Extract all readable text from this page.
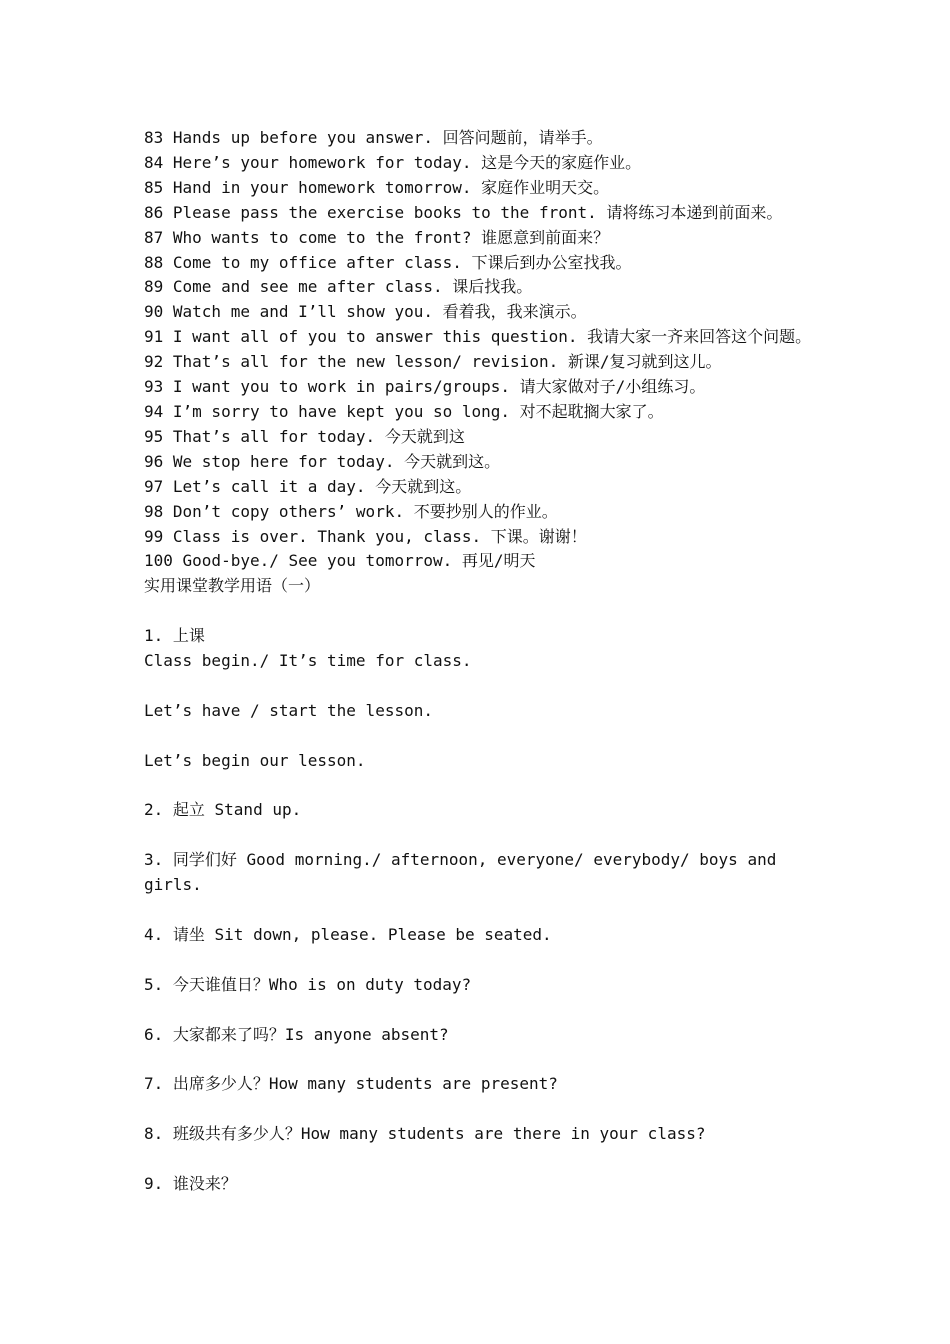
83 Hands up before you answer. 回答问题前，请举手。

84 Here’s your homework for today. 这是今天的家庭作业。

85 Hand in your homework tomorrow. 家庭作业明天交。

86 Please pass the exercise books to the front. 请将练习本递到前面来。

87 Who wants to come to the front? 谁愿意到前面来？

88 Come to my office after class. 下课后到办公室找我。

89 Come and see me after class. 课后找我。

90 Watch me and I’ll show you. 看着我，我来演示。

91 I want all of you to answer this question. 我请大家一齐来回答这个问题。

92 That’s all for the new lesson/ revision. 新课/复习就到这儿。

93 I want you to work in pairs/groups. 请大家做对子/小组练习。

94 I’m sorry to have kept you so long. 对不起耽搁大家了。

95 That’s all for today. 今天就到这

96 We stop here for today. 今天就到这。

97 Let’s call it a day. 今天就到这。

98 Don’t copy others’ work. 不要抄别人的作业。

99 Class is over. Thank you, class. 下课。谢谢！

100 Good-bye./ See you tomorrow. 再见/明天

实用课堂教学用语（一）

1. 上课

Class begin./ It’s time for class.

Let’s have / start the lesson.

Let’s begin our lesson.

2. 起立 Stand up.

3. 同学们好 Good morning./ afternoon, everyone/ everybody/ boys and girls.

4. 请坐 Sit down, please. Please be seated.

5. 今天谁值日？Who is on duty today?

6. 大家都来了吗？Is anyone absent?

7. 出席多少人？How many students are present?

8. 班级共有多少人？How many students are there in your class?

9. 谁没来？
